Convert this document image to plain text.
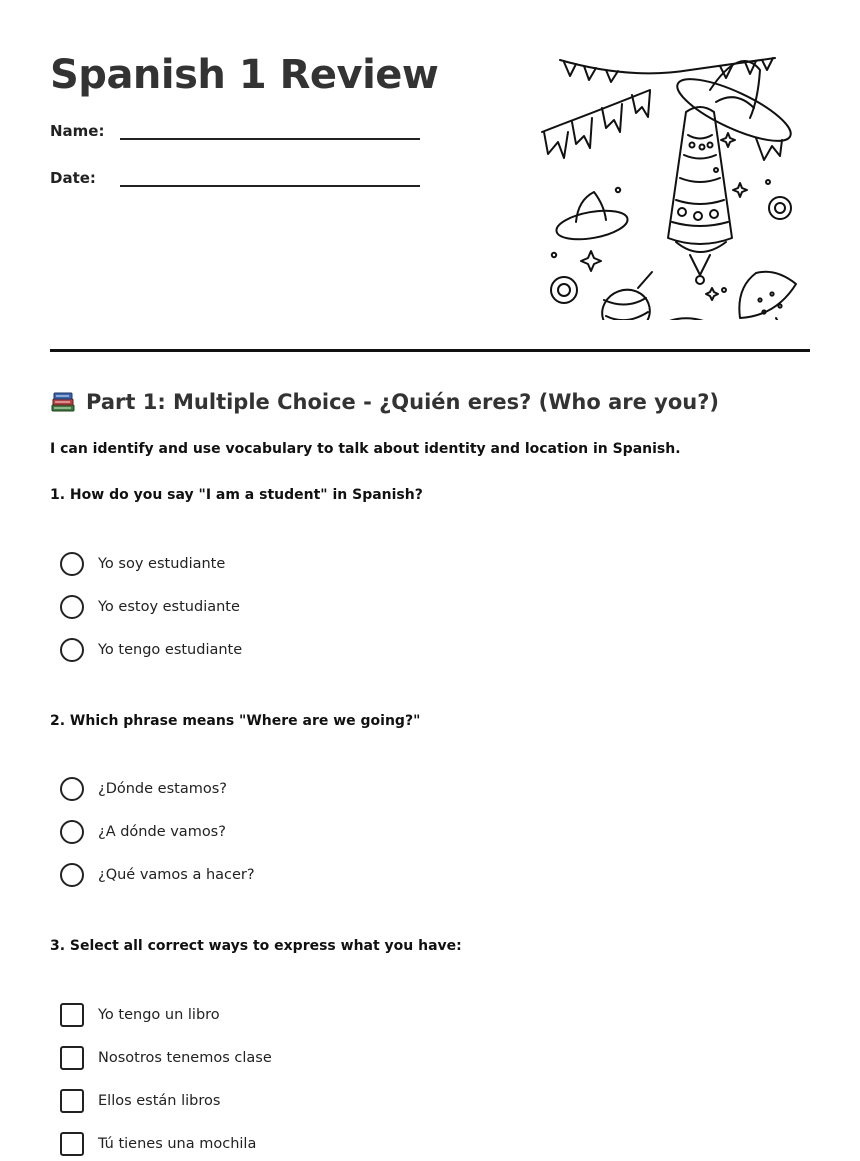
Spanish 1 Review
Name:
Date:
Part 1: Multiple Choice - ¿Quién eres? (Who are you?)
I can identify and use vocabulary to talk about identity and location in Spanish.
1. How do you say "I am a student" in Spanish?
Yo soy estudiante
Yo estoy estudiante
Yo tengo estudiante
2. Which phrase means "Where are we going?"
¿Dónde estamos?
¿A dónde vamos?
¿Qué vamos a hacer?
3. Select all correct ways to express what you have:
Yo tengo un libro
Nosotros tenemos clase
Ellos están libros
Tú tienes una mochila
